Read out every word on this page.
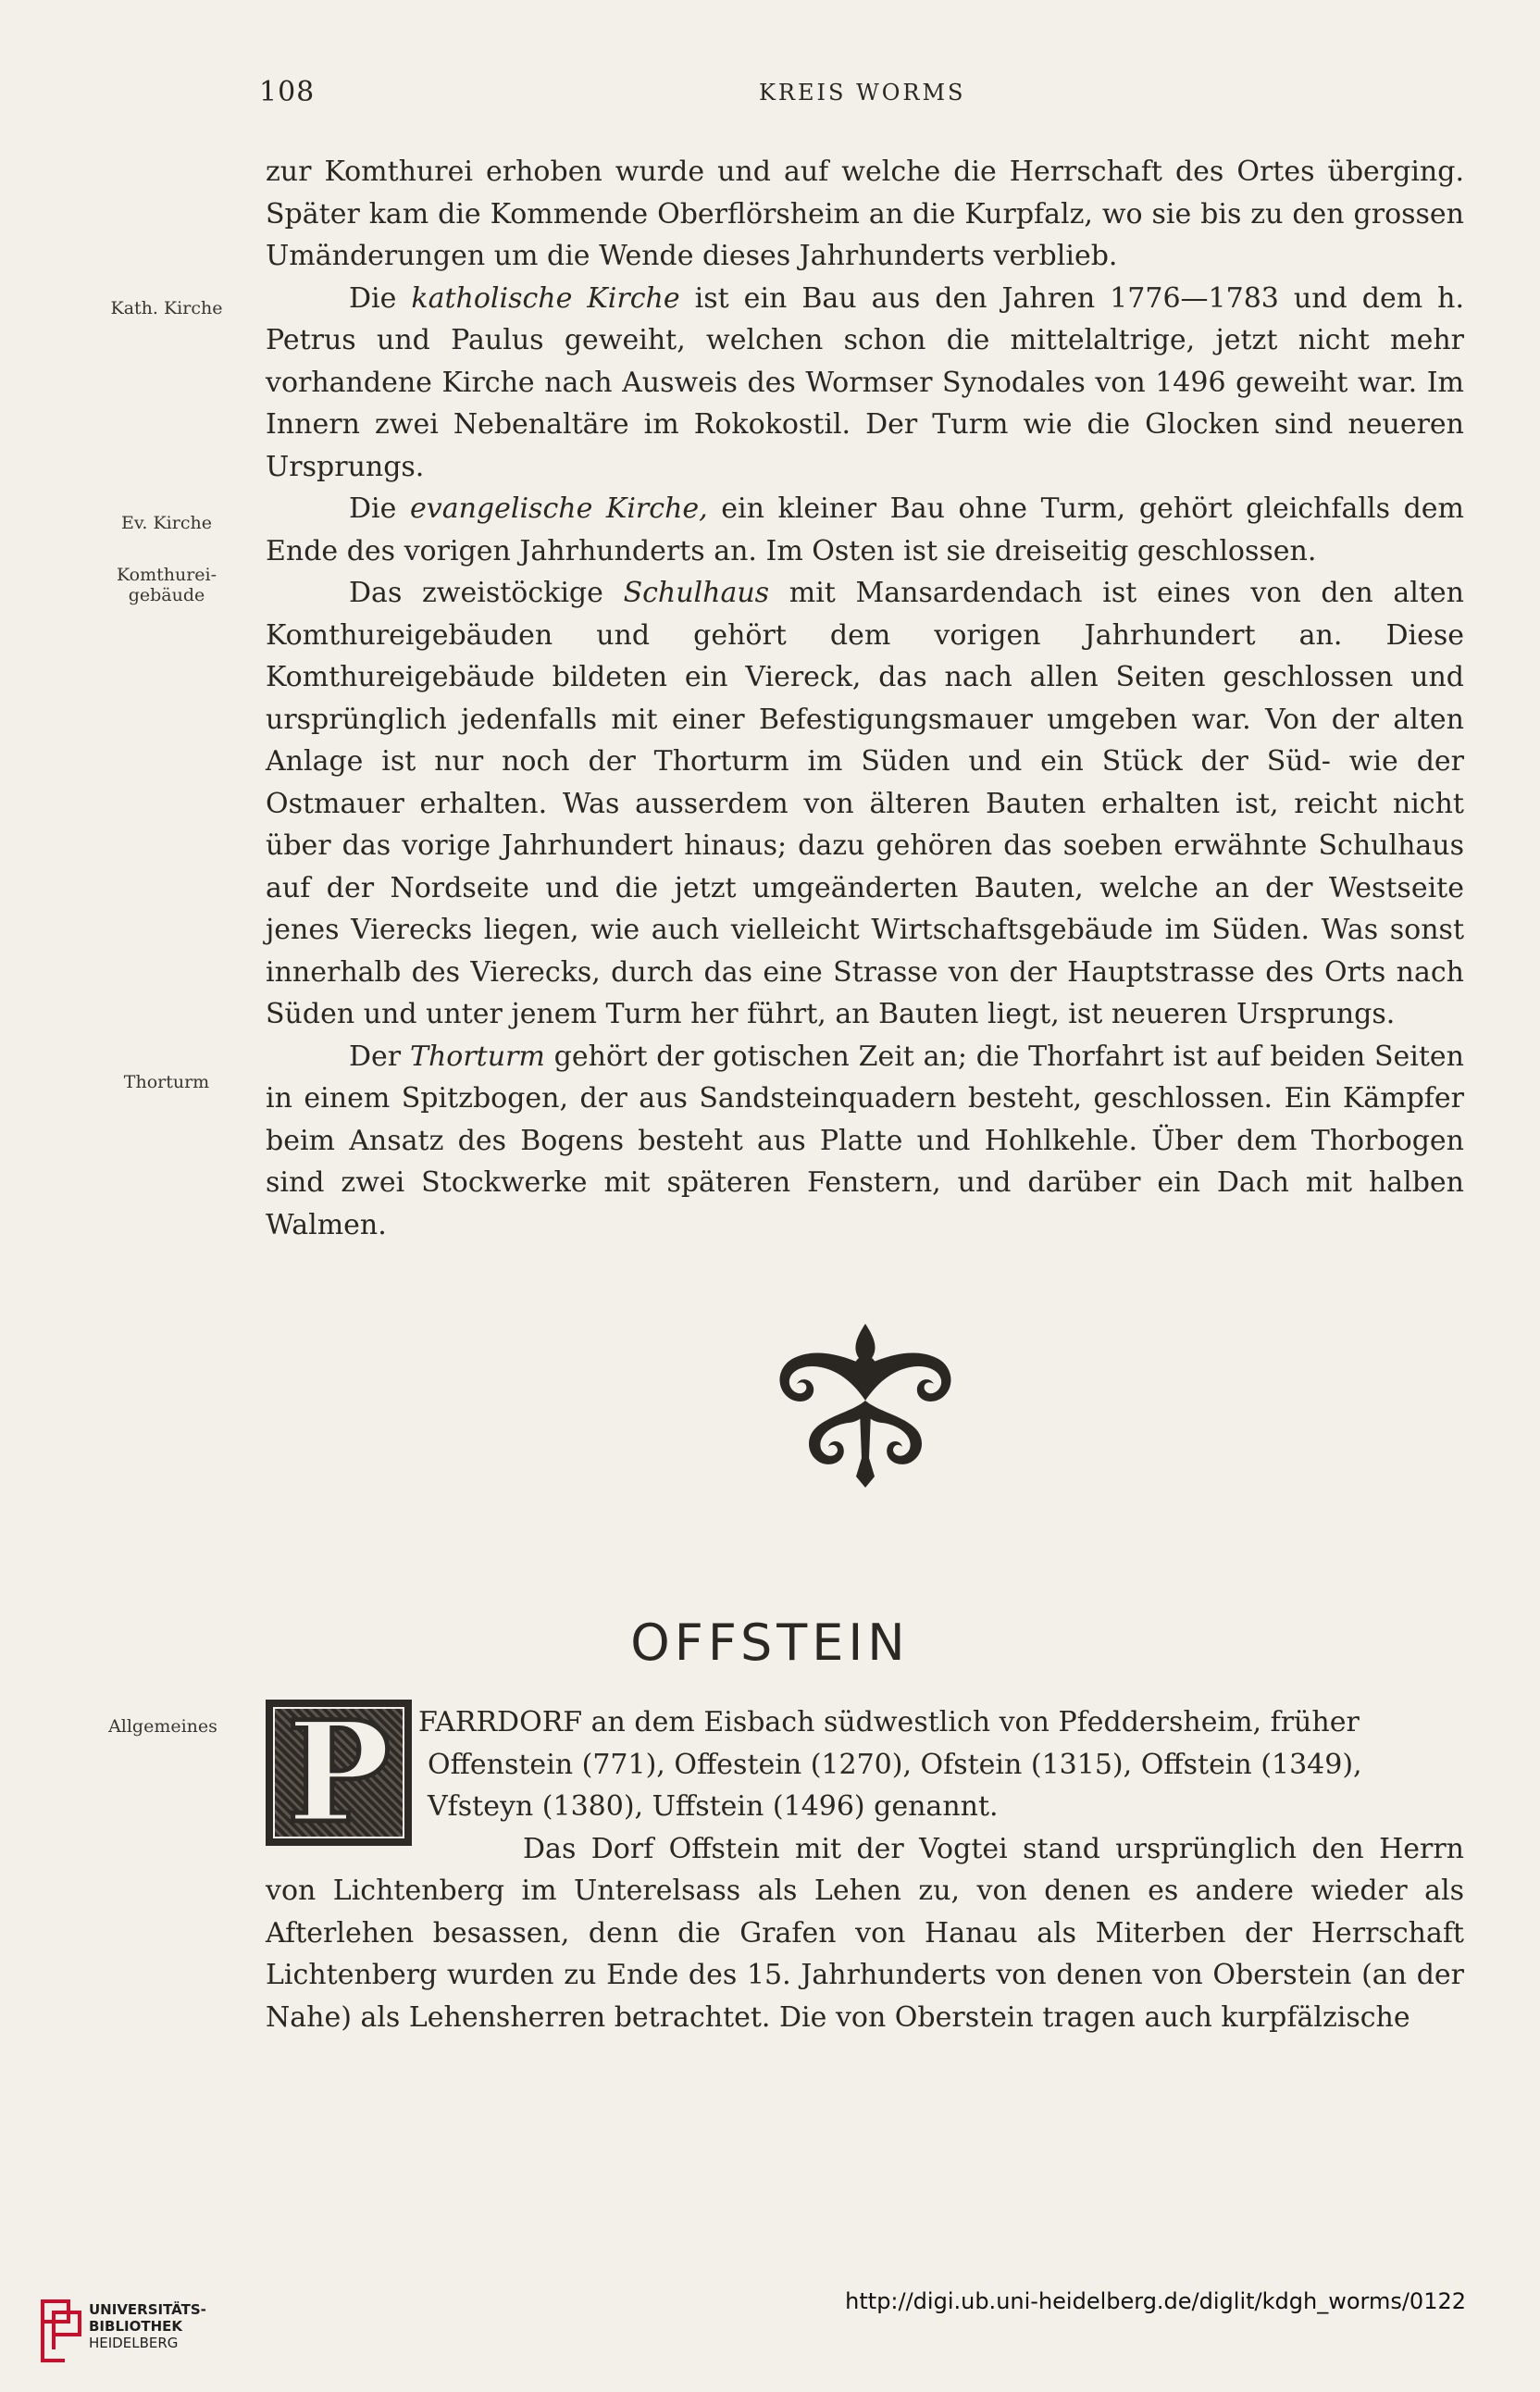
108	KREIS WORMS
Kath. Kirche
Ev. Kirche
Komthurei-
gebäude
Thorturm
Allgemeines

zur Komthurei erhoben wurde und auf welche die Herrschaft des Ortes überging. Später kam die Kommende Oberflörsheim an die Kurpfalz, wo sie bis zu den grossen Umänderungen um die Wende dieses Jahrhunderts verblieb.

Die katholische Kirche ist ein Bau aus den Jahren 1776—1783 und dem h. Petrus und Paulus geweiht, welchen schon die mittelaltrige, jetzt nicht mehr vorhandene Kirche nach Ausweis des Wormser Synodales von 1496 geweiht war. Im Innern zwei Nebenaltäre im Rokokostil. Der Turm wie die Glocken sind neueren Ursprungs.

Die evangelische Kirche, ein kleiner Bau ohne Turm, gehört gleichfalls dem Ende des vorigen Jahrhunderts an. Im Osten ist sie dreiseitig geschlossen.

Das zweistöckige Schulhaus mit Mansardendach ist eines von den alten Komthureigebäuden und gehört dem vorigen Jahrhundert an. Diese Komthureigebäude bildeten ein Viereck, das nach allen Seiten geschlossen und ursprünglich jedenfalls mit einer Befestigungsmauer umgeben war. Von der alten Anlage ist nur noch der Thorturm im Süden und ein Stück der Süd- wie der Ostmauer erhalten. Was ausserdem von älteren Bauten erhalten ist, reicht nicht über das vorige Jahrhundert hinaus; dazu gehören das soeben erwähnte Schulhaus auf der Nordseite und die jetzt umgeänderten Bauten, welche an der Westseite jenes Vierecks liegen, wie auch vielleicht Wirtschaftsgebäude im Süden. Was sonst innerhalb des Vierecks, durch das eine Strasse von der Hauptstrasse des Orts nach Süden und unter jenem Turm her führt, an Bauten liegt, ist neueren Ursprungs.

Der Thorturm gehört der gotischen Zeit an; die Thorfahrt ist auf beiden Seiten in einem Spitzbogen, der aus Sandsteinquadern besteht, geschlossen. Ein Kämpfer beim Ansatz des Bogens besteht aus Platte und Hohlkehle. Über dem Thorbogen sind zwei Stockwerke mit späteren Fenstern, und darüber ein Dach mit halben Walmen.

OFFSTEIN
P FARRDORF an dem Eisbach südwestlich von Pfeddersheim, früher

Offenstein (771), Offestein (1270), Ofstein (1315), Offstein (1349),

Vfsteyn (1380), Uffstein (1496) genannt.

Das Dorf Offstein mit der Vogtei stand ursprünglich den Herrn von Lichtenberg im Unterelsass als Lehen zu, von denen es andere wieder als Afterlehen besassen, denn die Grafen von Hanau als Miterben der Herrschaft Lichtenberg wurden zu Ende des 15. Jahrhunderts von denen von Oberstein (an der Nahe) als Lehensherren betrachtet. Die von Oberstein tragen auch kurpfälzische

UNIVERSITÄTS-
BIBLIOTHEK
HEIDELBERG
http://digi.ub.uni-heidelberg.de/diglit/kdgh_worms/0122
